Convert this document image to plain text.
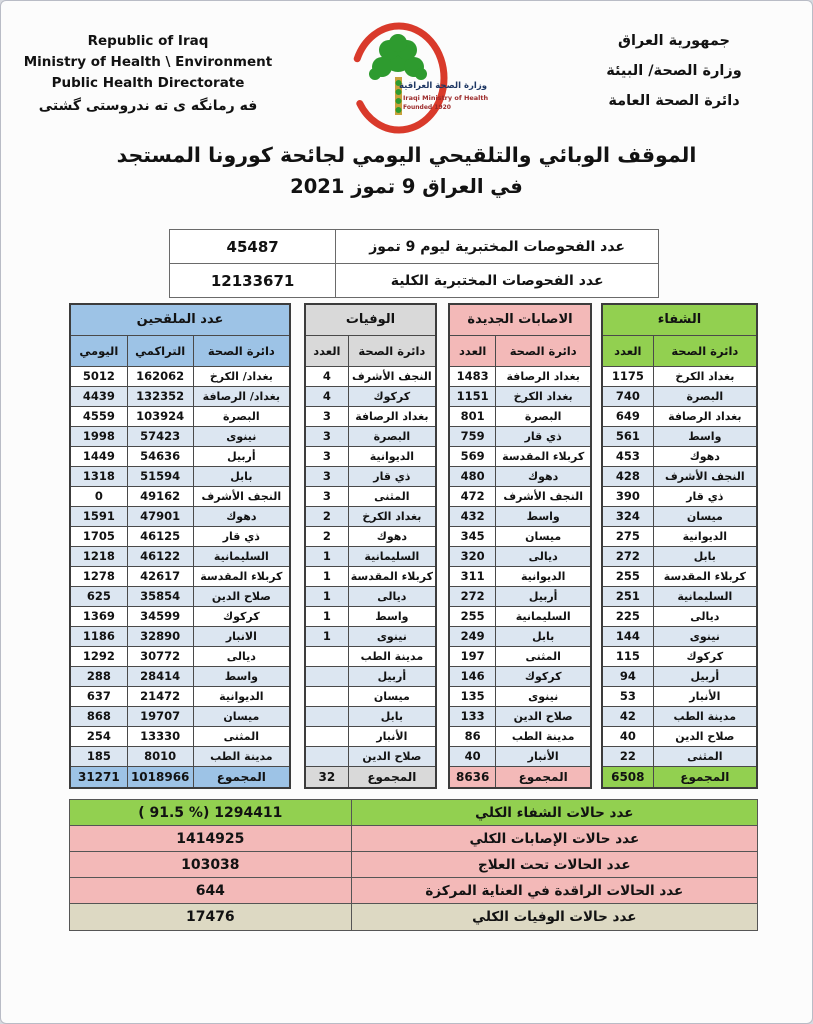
Republic of Iraq
Ministry of Health \ Environment
Public Health Directorate
فه رمانگه ى ته ندروستى گشتى
وزارة الصحة العراقية
Iraqi Ministry of Health
Founded 1920
جمهورية العراق
وزارة الصحة/ البيئة
دائرة الصحة العامة
الموقف الوبائي والتلقيحي اليومي لجائحة كورونا المستجد
في العراق 9 تموز 2021
45487	عدد الفحوصات المختبرية ليوم 9 تموز
12133671	عدد الفحوصات المختبرية الكلية
عدد الملقحين		
اليومي	التراكمي	دائرة الصحة
5012	162062	بغداد/ الكرخ
4439	132352	بغداد/ الرصافة
4559	103924	البصرة
1998	57423	نينوى
1449	54636	أربيل
1318	51594	بابل
0	49162	النجف الأشرف
1591	47901	دهوك
1705	46125	ذي قار
1218	46122	السليمانية
1278	42617	كربلاء المقدسة
625	35854	صلاح الدين
1369	34599	كركوك
1186	32890	الانبار
1292	30772	ديالى
288	28414	واسط
637	21472	الديوانية
868	19707	ميسان
254	13330	المثنى
185	8010	مدينة الطب
31271	1018966	المجموع
الوفيات	
العدد	دائرة الصحة
4	النجف الأشرف
4	كركوك
3	بغداد الرصافة
3	البصرة
3	الديوانية
3	ذي قار
3	المثنى
2	بغداد الكرخ
2	دهوك
1	السليمانية
1	كربلاء المقدسة
1	ديالى
1	واسط
1	نينوى
	مدينة الطب
	أربيل
	ميسان
	بابل
	الأنبار
	صلاح الدين
32	المجموع
الاصابات الجديدة	
العدد	دائرة الصحة
1483	بغداد الرصافة
1151	بغداد الكرخ
801	البصرة
759	ذي قار
569	كربلاء المقدسة
480	دهوك
472	النجف الأشرف
432	واسط
345	ميسان
320	ديالى
311	الديوانية
272	أربيل
255	السليمانية
249	بابل
197	المثنى
146	كركوك
135	نينوى
133	صلاح الدين
86	مدينة الطب
40	الأنبار
8636	المجموع
الشفاء	
العدد	دائرة الصحة
1175	بغداد الكرخ
740	البصرة
649	بغداد الرصافة
561	واسط
453	دهوك
428	النجف الأشرف
390	ذي قار
324	ميسان
275	الديوانية
272	بابل
255	كربلاء المقدسة
251	السليمانية
225	ديالى
144	نينوى
115	كركوك
94	أربيل
53	الأنبار
42	مدينة الطب
40	صلاح الدين
22	المثنى
6508	المجموع
( 91.5 %) 1294411	عدد حالات الشفاء الكلي
1414925	عدد حالات الإصابات الكلي
103038	عدد الحالات تحت العلاج
644	عدد الحالات الراقدة في العناية المركزة
17476	عدد حالات الوفيات الكلي
